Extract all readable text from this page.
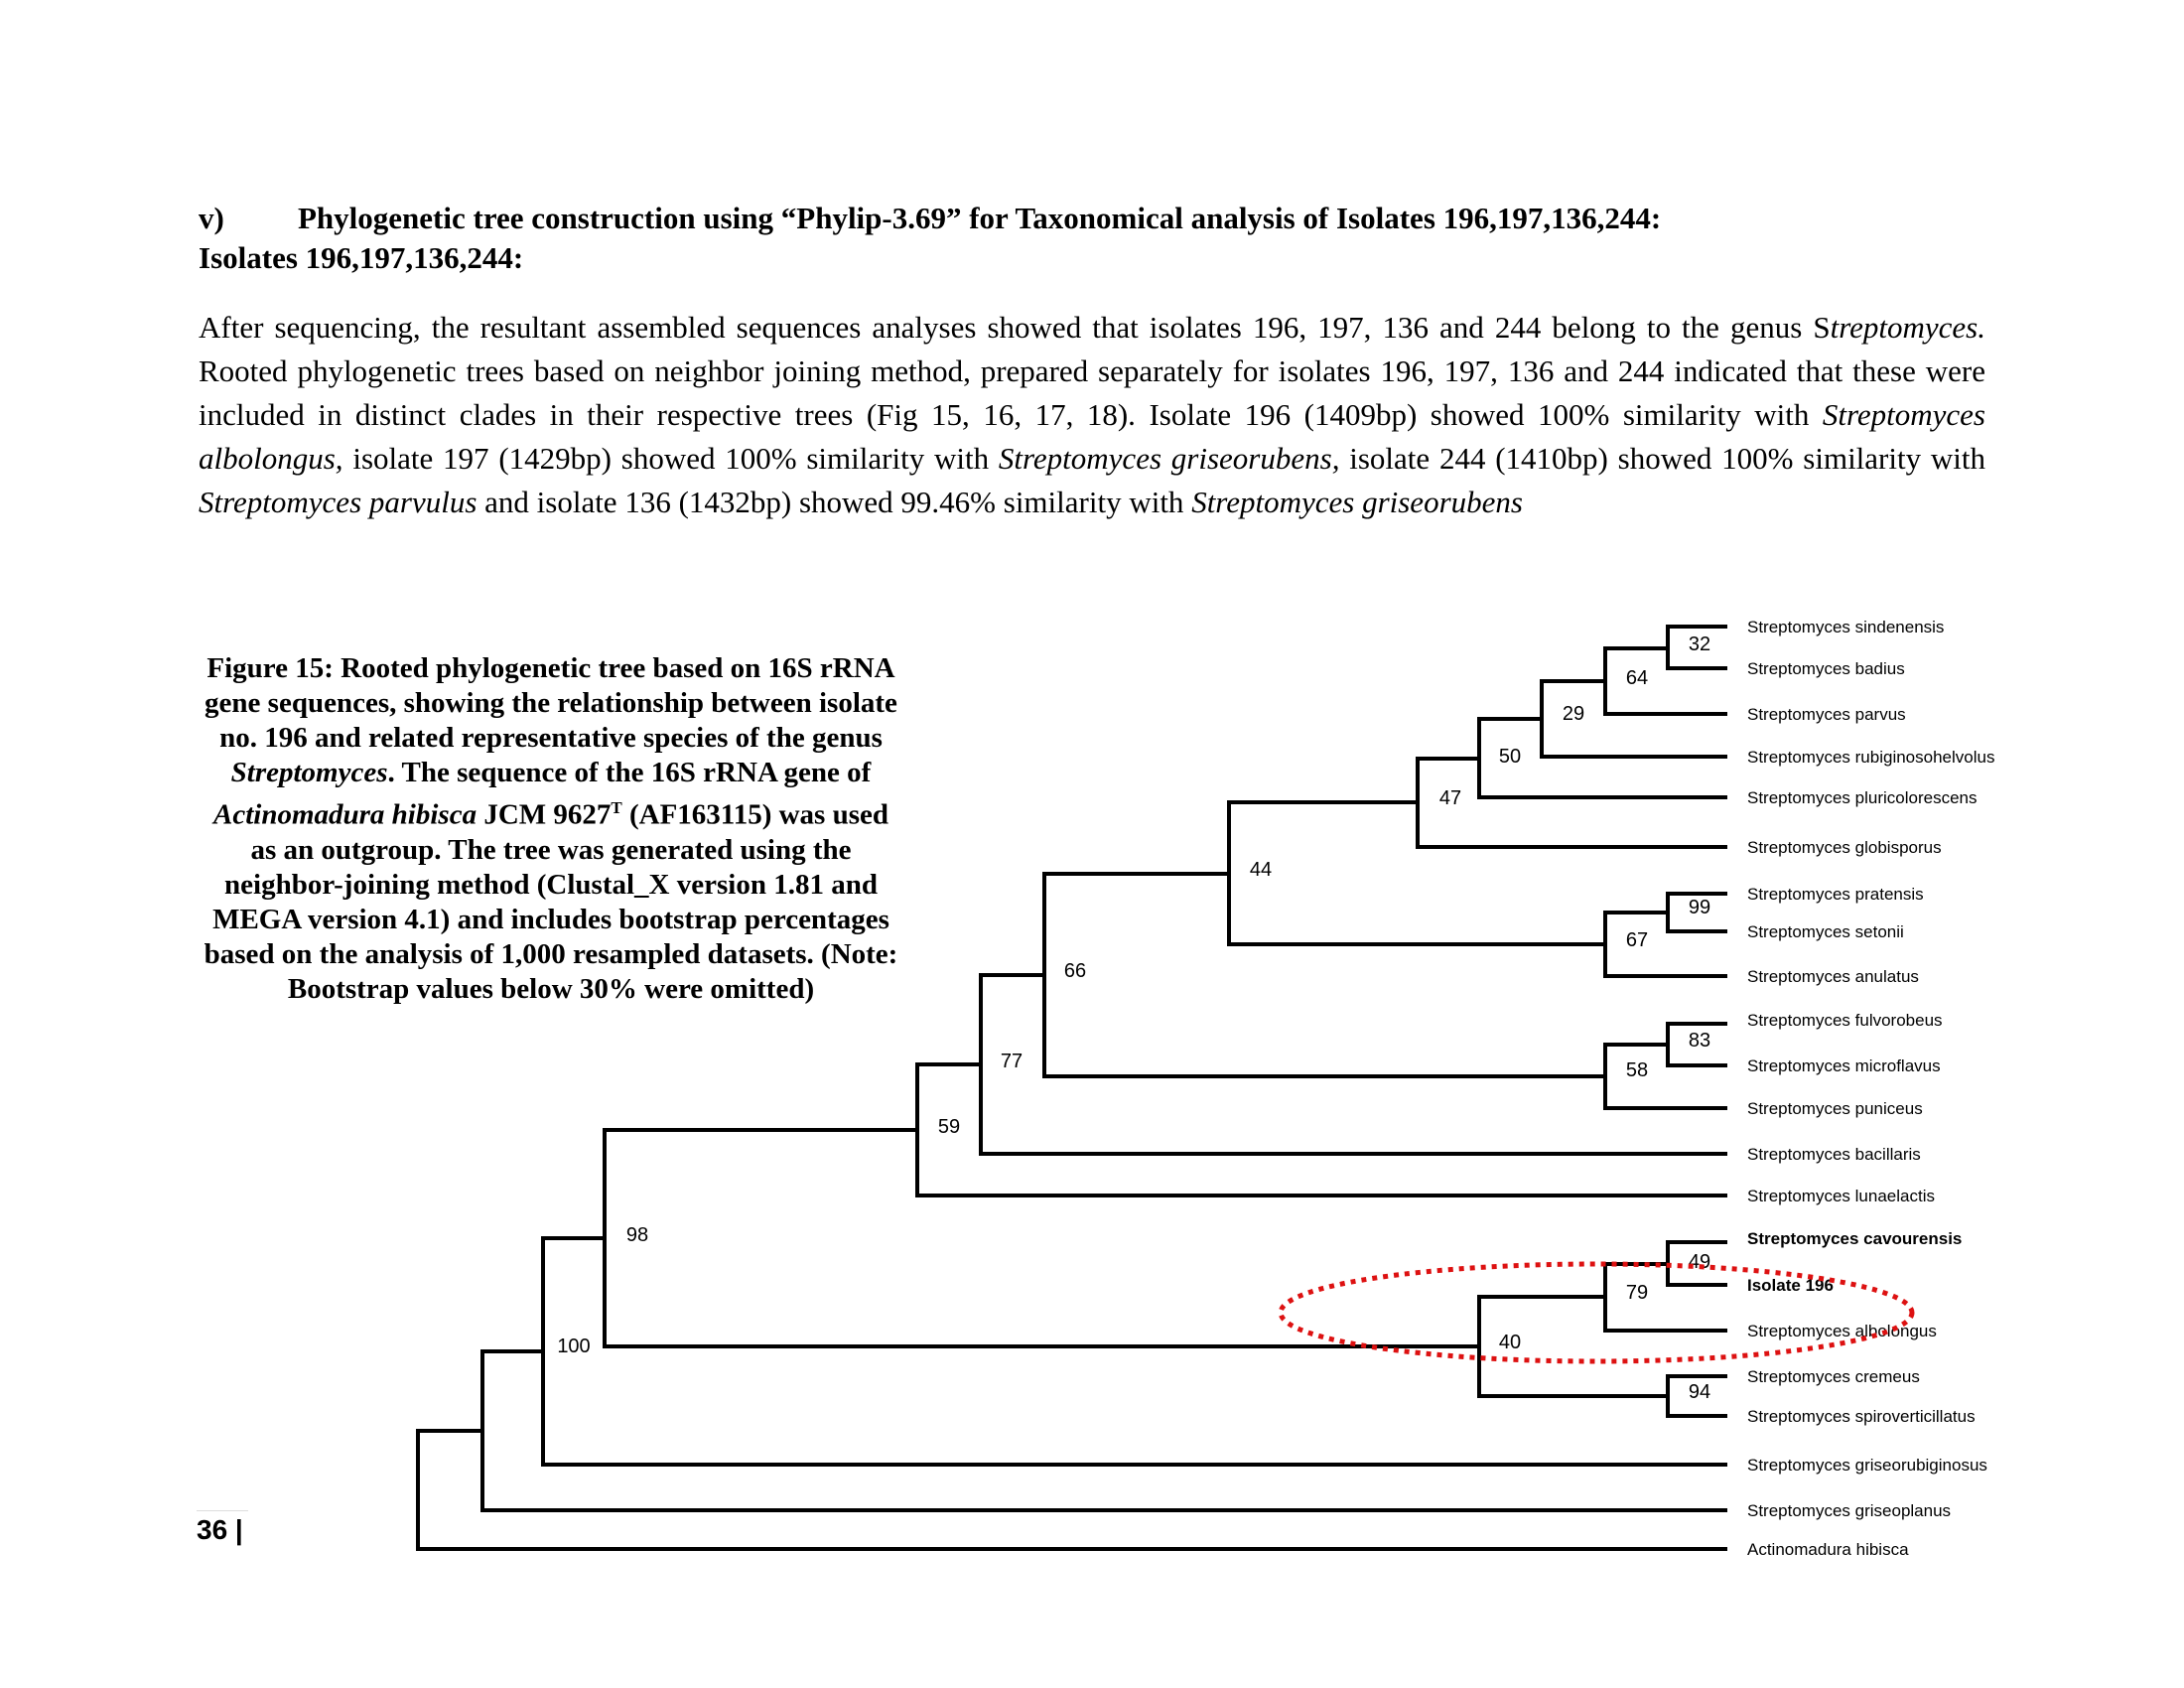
v) Phylogenetic tree construction using “Phylip-3.69” for Taxonomical analysis of Isolates 196,197,136,244:
Isolates 196,197,136,244:
After sequencing, the resultant assembled sequences analyses showed that isolates 196, 197, 136 and 244 belong to the genus Streptomyces. Rooted phylogenetic trees based on neighbor joining method, prepared separately for isolates 196, 197, 136 and 244 indicated that these were included in distinct clades in their respective trees (Fig 15, 16, 17, 18). Isolate 196 (1409bp) showed 100% similarity with Streptomyces albolongus, isolate 197 (1429bp) showed 100% similarity with Streptomyces griseorubens, isolate 244 (1410bp) showed 100% similarity with Streptomyces parvulus and isolate 136 (1432bp) showed 99.46% similarity with Streptomyces griseorubens
Figure 15: Rooted phylogenetic tree based on 16S rRNA gene sequences, showing the relationship between isolate no. 196 and related representative species of the genus Streptomyces. The sequence of the 16S rRNA gene of Actinomadura hibisca JCM $9627^T$ (AF163115) was used as an outgroup. The tree was generated using the neighbor-joining method (Clustal_X version 1.81 and MEGA version 4.1) and includes bootstrap percentages based on the analysis of 1,000 resampled datasets. (Note: Bootstrap values below 30% were omitted)
Streptomyces sindenensis
Streptomyces badius
Streptomyces parvus
Streptomyces rubiginosohelvolus
Streptomyces pluricolorescens
Streptomyces globisporus
Streptomyces pratensis
Streptomyces setonii
Streptomyces anulatus
Streptomyces fulvorobeus
Streptomyces microflavus
Streptomyces puniceus
Streptomyces bacillaris
Streptomyces lunaelactis
Streptomyces cavourensis
Isolate 196
Streptomyces albolongus
Streptomyces cremeus
Streptomyces spiroverticillatus
Streptomyces griseorubiginosus
Streptomyces griseoplanus
Actinomadura hibisca
32
64
29
50
47
44
99
67
66
83
58
77
59
98
49
79
40
94
100
36 |
